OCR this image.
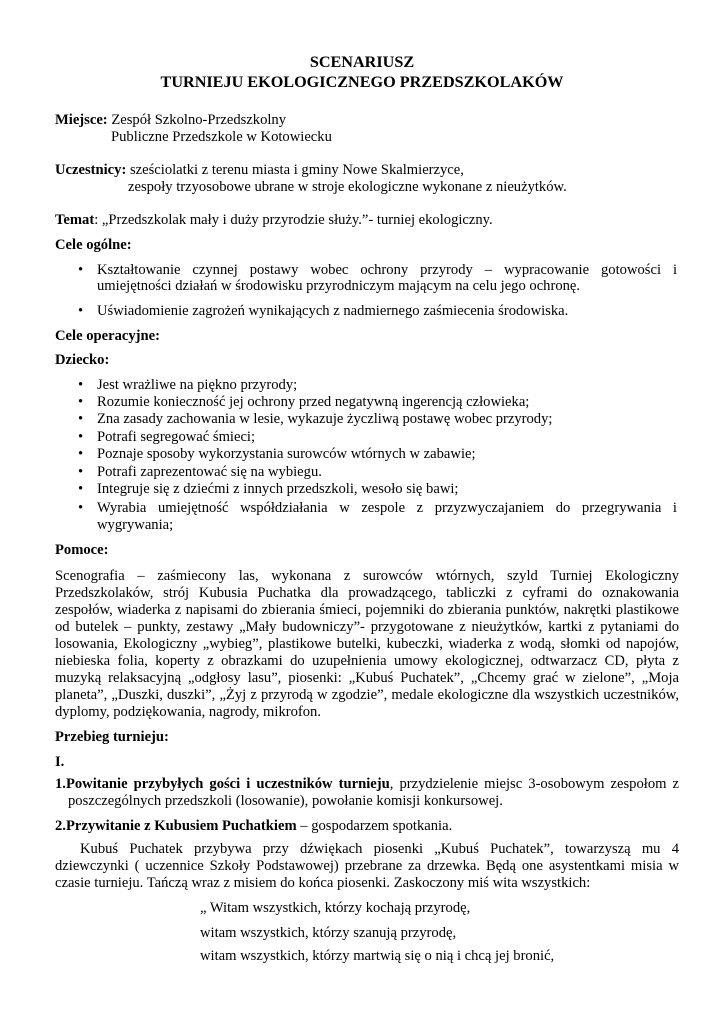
SCENARIUSZ
TURNIEJU EKOLOGICZNEGO PRZEDSZKOLAKÓW
Miejsce: Zespół Szkolno-Przedszkolny
Publiczne Przedszkole w Kotowiecku
Uczestnicy: sześciolatki z terenu miasta i gminy Nowe Skalmierzyce,
zespoły trzyosobowe ubrane w stroje ekologiczne wykonane z nieużytków.
Temat: „Przedszkolak mały i duży przyrodzie służy.”- turniej ekologiczny.
Cele ogólne:
• Kształtowanie czynnej postawy wobec ochrony przyrody – wypracowanie gotowości i
umiejętności działań w środowisku przyrodniczym mającym na celu jego ochronę.
• Uświadomienie zagrożeń wynikających z nadmiernego zaśmiecenia środowiska.
Cele operacyjne:
Dziecko:
• Jest wrażliwe na piękno przyrody;
• Rozumie konieczność jej ochrony przed negatywną ingerencją człowieka;
• Zna zasady zachowania w lesie, wykazuje życzliwą postawę wobec przyrody;
• Potrafi segregować śmieci;
• Poznaje sposoby wykorzystania surowców wtórnych w zabawie;
• Potrafi zaprezentować się na wybiegu.
• Integruje się z dziećmi z innych przedszkoli, wesoło się bawi;
• Wyrabia umiejętność współdziałania w zespole z przyzwyczajaniem do przegrywania i
wygrywania;
Pomoce:
Scenografia – zaśmiecony las, wykonana z surowców wtórnych, szyld Turniej Ekologiczny
Przedszkolaków, strój Kubusia Puchatka dla prowadzącego, tabliczki z cyframi do oznakowania
zespołów, wiaderka z napisami do zbierania śmieci, pojemniki do zbierania punktów, nakrętki plastikowe
od butelek – punkty, zestawy „Mały budowniczy”- przygotowane z nieużytków, kartki z pytaniami do
losowania, Ekologiczny „wybieg”, plastikowe butelki, kubeczki, wiaderka z wodą, słomki od napojów,
niebieska folia, koperty z obrazkami do uzupełnienia umowy ekologicznej, odtwarzacz CD, płyta z
muzyką relaksacyjną „odgłosy lasu”, piosenki: „Kubuś Puchatek”, „Chcemy grać w zielone”, „Moja
planeta”, „Duszki, duszki”, „Żyj z przyrodą w zgodzie”, medale ekologiczne dla wszystkich uczestników,
dyplomy, podziękowania, nagrody, mikrofon.
Przebieg turnieju:
I.
1.Powitanie przybyłych gości i uczestników turnieju, przydzielenie miejsc 3-osobowym zespołom z
poszczególnych przedszkoli (losowanie), powołanie komisji konkursowej.
2.Przywitanie z Kubusiem Puchatkiem – gospodarzem spotkania.
Kubuś Puchatek przybywa przy dźwiękach piosenki „Kubuś Puchatek”, towarzyszą mu 4
dziewczynki ( uczennice Szkoły Podstawowej) przebrane za drzewka. Będą one asystentkami misia w
czasie turnieju. Tańczą wraz z misiem do końca piosenki. Zaskoczony miś wita wszystkich:
„ Witam wszystkich, którzy kochają przyrodę,
witam wszystkich, którzy szanują przyrodę,
witam wszystkich, którzy martwią się o nią i chcą jej bronić,
